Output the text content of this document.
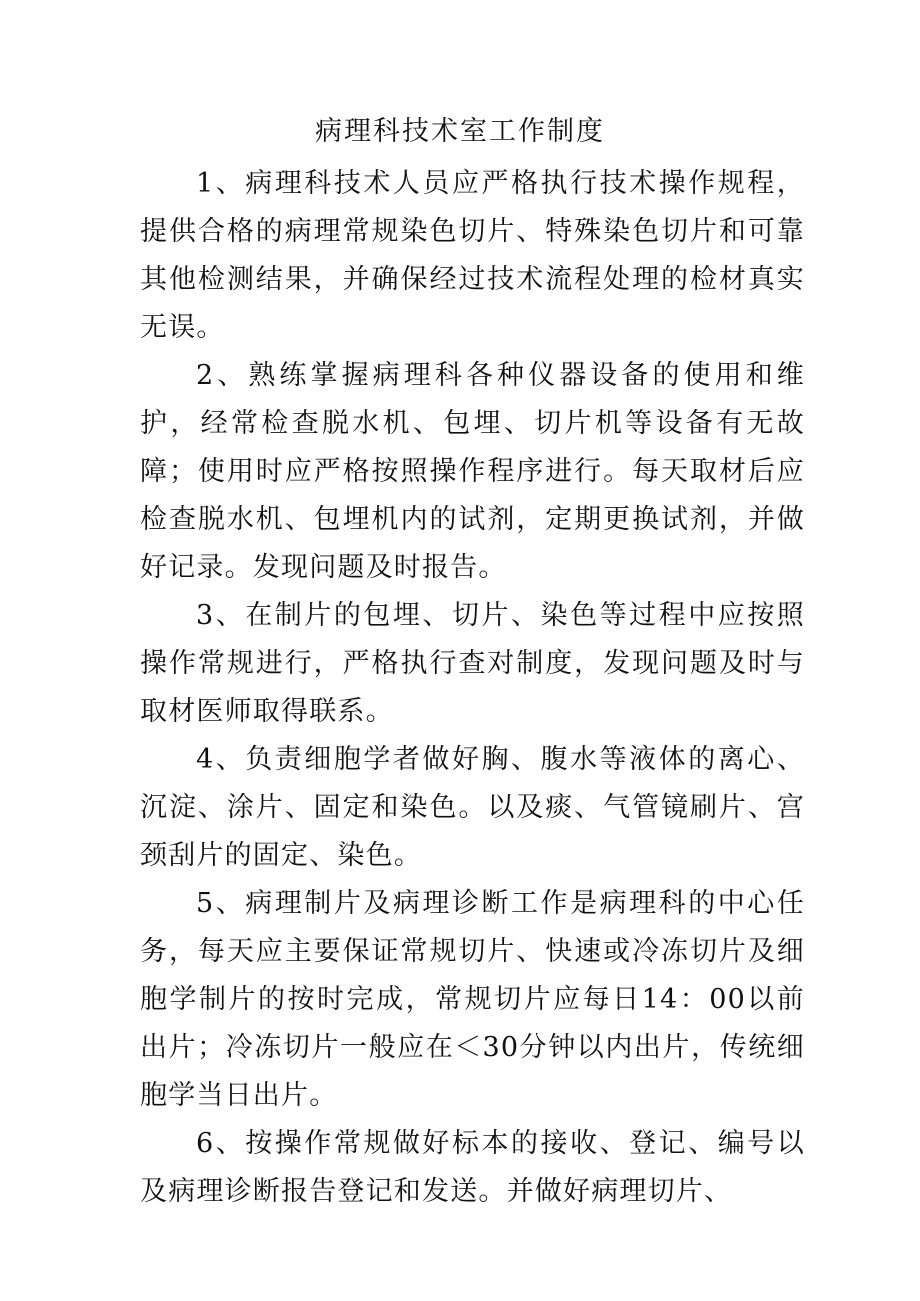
病理科技术室工作制度

1、病理科技术人员应严格执行技术操作规程，提供合格的病理常规染色切片、特殊染色切片和可靠其他检测结果，并确保经过技术流程处理的检材真实无误。

2、熟练掌握病理科各种仪器设备的使用和维护，经常检查脱水机、包埋、切片机等设备有无故障；使用时应严格按照操作程序进行。每天取材后应检查脱水机、包埋机内的试剂，定期更换试剂，并做好记录。发现问题及时报告。

3、在制片的包埋、切片、染色等过程中应按照操作常规进行，严格执行查对制度，发现问题及时与取材医师取得联系。

4、负责细胞学者做好胸、腹水等液体的离心、沉淀、涂片、固定和染色。以及痰、气管镜刷片、宫颈刮片的固定、染色。

5、病理制片及病理诊断工作是病理科的中心任务，每天应主要保证常规切片、快速或冷冻切片及细胞学制片的按时完成，常规切片应每日14：00以前出片；冷冻切片一般应在＜30分钟以内出片，传统细胞学当日出片。

6、按操作常规做好标本的接收、登记、编号以及病理诊断报告登记和发送。并做好病理切片、
